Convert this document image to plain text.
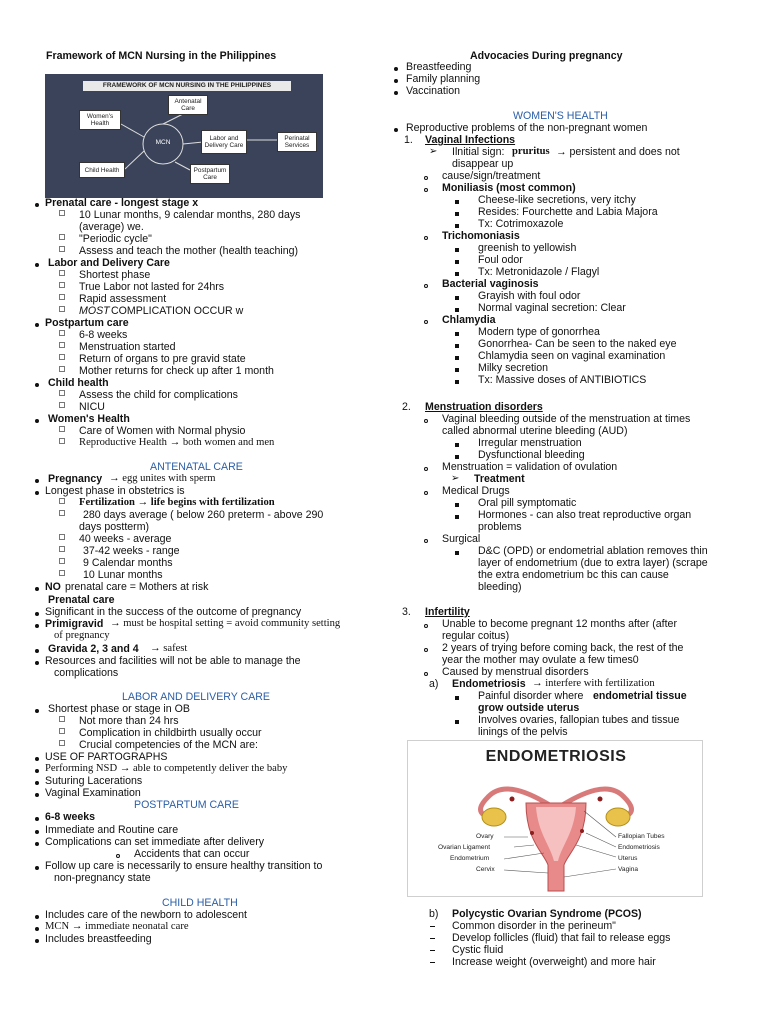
Framework of MCN Nursing in the Philippines
FRAMEWORK OF MCN NURSING IN THE PHILIPPINES
Antenatal Care
Women's Health
MCN
Labor and Delivery Care
Perinatal Services
Child Health	Postpartum Care
Prenatal care - longest stage x
10 Lunar months, 9 calendar months, 280 days
(average) we.
"Periodic cycle"
Assess and teach the mother (health teaching)
Labor and Delivery Care
Shortest phase
True Labor not lasted for 24hrs
Rapid assessment
MOST COMPLICATION OCCUR w
Postpartum care
6-8 weeks
Menstruation started
Return of organs to pre gravid state
Mother returns for check up after 1 month
Child health
Assess the child for complications
NICU
Women's Health
Care of Women with Normal physio
Reproductive Health → both women and men
ANTENATAL CARE
Pregnancy → egg unites with sperm
Longest phase in obstetrics is
Fertilization → life begins with fertilization
280 days average ( below 260 preterm - above 290
days postterm)
40 weeks - average
37-42 weeks - range
9 Calendar months
10 Lunar months
NO prenatal care = Mothers at risk
Prenatal care
Significant in the success of the outcome of pregnancy
Primigravid → must be hospital setting = avoid community setting
of pregnancy
Gravida 2, 3 and 4 → safest
Resources and facilities will not be able to manage the
complications
LABOR AND DELIVERY CARE
Shortest phase or stage in OB
Not more than 24 hrs
Complication in childbirth usually occur
Crucial competencies of the MCN are:
USE OF PARTOGRAPHS
Performing NSD → able to competently deliver the baby
Suturing Lacerations
Vaginal Examination
POSTPARTUM CARE
6-8 weeks
Immediate and Routine care
Complications can set immediate after delivery
Accidents that can occur
Follow up care is necessarily to ensure healthy transition to
non-pregnancy state
CHILD HEALTH
Includes care of the newborn to adolescent
MCN → immediate neonatal care
Includes breastfeeding
Advocacies During pregnancy
Breastfeeding
Family planning
Vaccination
WOMEN'S HEALTH
Reproductive problems of the non-pregnant women
1. Vaginal Infections
➢ Ilnitial sign: pruritus → persistent and does not
disappear up
cause/sign/treatment
Moniliasis (most common)
Cheese-like secretions, very itchy
Resides: Fourchette and Labia Majora
Tx: Cotrimoxazole
Trichomoniasis
greenish to yellowish
Foul odor
Tx: Metronidazole / Flagyl
Bacterial vaginosis
Grayish with foul odor
Normal vaginal secretion: Clear
Chlamydia
Modern type of gonorrhea
Gonorrhea- Can be seen to the naked eye
Chlamydia seen on vaginal examination
Milky secretion
Tx: Massive doses of ANTIBIOTICS
2. Menstruation disorders
Vaginal bleeding outside of the menstruation at times
called abnormal uterine bleeding (AUD)
Irregular menstruation
Dysfunctional bleeding
Menstruation = validation of ovulation
➢ Treatment
Medical Drugs
Oral pill symptomatic
Hormones - can also treat reproductive organ
problems
Surgical
D&C (OPD) or endometrial ablation removes thin
layer of endometrium (due to extra layer) (scrape
the extra endometrium bc this can cause
bleeding)
3. Infertility
Unable to become pregnant 12 months after (after
regular coitus)
2 years of trying before coming back, the rest of the
year the mother may ovulate a few times0
Caused by menstrual disorders
a) Endometriosis → interfere with fertilization
Painful disorder where endometrial tissue
grow outside uterus
Involves ovaries, fallopian tubes and tissue
linings of the pelvis
ENDOMETRIOSIS
Ovary
Ovarian Ligament
Endometrium
Cervix
Fallopian Tubes
Endometriosis
Uterus
Vagina
b) Polycystic Ovarian Syndrome (PCOS)
Common disorder in the perineum"
Develop follicles (fluid) that fail to release eggs
Cystic fluid
Increase weight (overweight) and more hair
